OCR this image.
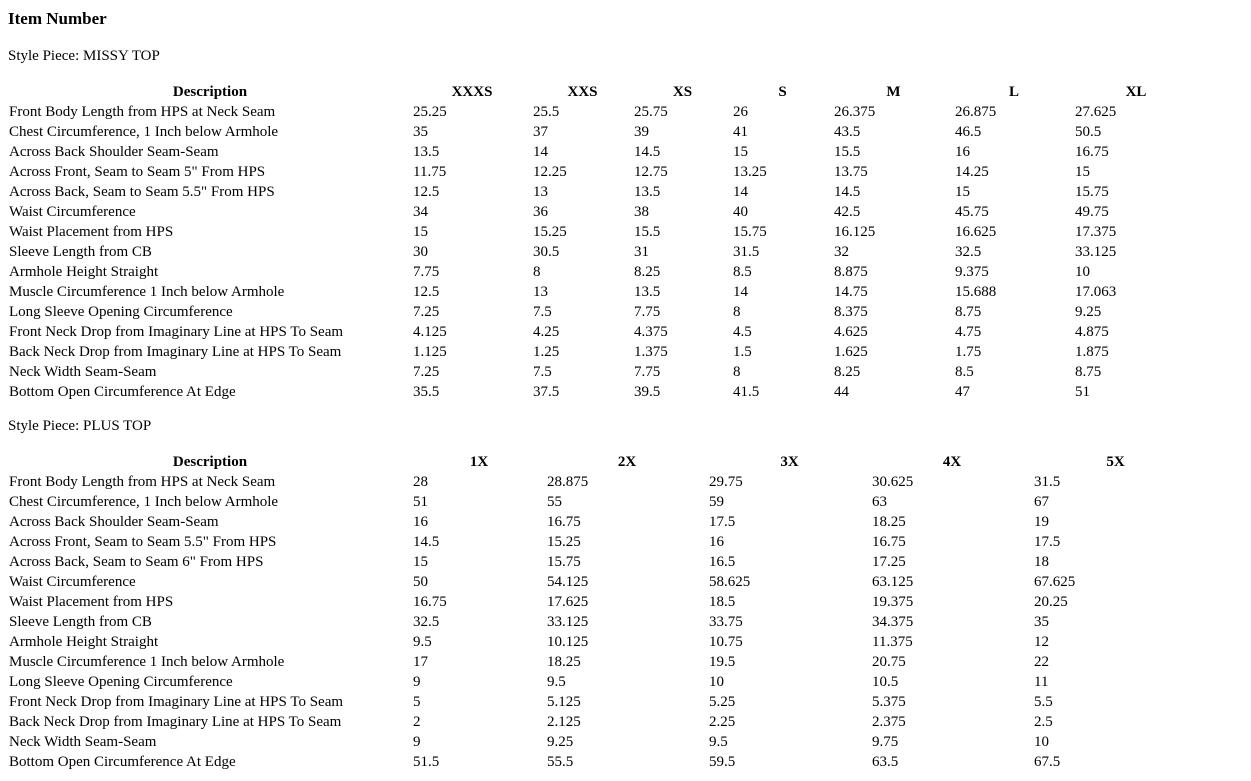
Item Number
Style Piece: MISSY TOP
Description	XXXS	XXS	XS	S	M	L	XL
Front Body Length from HPS at Neck Seam	25.25	25.5	25.75	26	26.375	26.875	27.625
Chest Circumference, 1 Inch below Armhole	35	37	39	41	43.5	46.5	50.5
Across Back Shoulder Seam-Seam	13.5	14	14.5	15	15.5	16	16.75
Across Front, Seam to Seam 5" From HPS	11.75	12.25	12.75	13.25	13.75	14.25	15
Across Back, Seam to Seam 5.5" From HPS	12.5	13	13.5	14	14.5	15	15.75
Waist Circumference	34	36	38	40	42.5	45.75	49.75
Waist Placement from HPS	15	15.25	15.5	15.75	16.125	16.625	17.375
Sleeve Length from CB	30	30.5	31	31.5	32	32.5	33.125
Armhole Height Straight	7.75	8	8.25	8.5	8.875	9.375	10
Muscle Circumference 1 Inch below Armhole	12.5	13	13.5	14	14.75	15.688	17.063
Long Sleeve Opening Circumference	7.25	7.5	7.75	8	8.375	8.75	9.25
Front Neck Drop from Imaginary Line at HPS To Seam	4.125	4.25	4.375	4.5	4.625	4.75	4.875
Back Neck Drop from Imaginary Line at HPS To Seam	1.125	1.25	1.375	1.5	1.625	1.75	1.875
Neck Width Seam-Seam	7.25	7.5	7.75	8	8.25	8.5	8.75
Bottom Open Circumference At Edge	35.5	37.5	39.5	41.5	44	47	51
Style Piece: PLUS TOP
Description	1X	2X	3X	4X	5X
Front Body Length from HPS at Neck Seam	28	28.875	29.75	30.625	31.5
Chest Circumference, 1 Inch below Armhole	51	55	59	63	67
Across Back Shoulder Seam-Seam	16	16.75	17.5	18.25	19
Across Front, Seam to Seam 5.5" From HPS	14.5	15.25	16	16.75	17.5
Across Back, Seam to Seam 6" From HPS	15	15.75	16.5	17.25	18
Waist Circumference	50	54.125	58.625	63.125	67.625
Waist Placement from HPS	16.75	17.625	18.5	19.375	20.25
Sleeve Length from CB	32.5	33.125	33.75	34.375	35
Armhole Height Straight	9.5	10.125	10.75	11.375	12
Muscle Circumference 1 Inch below Armhole	17	18.25	19.5	20.75	22
Long Sleeve Opening Circumference	9	9.5	10	10.5	11
Front Neck Drop from Imaginary Line at HPS To Seam	5	5.125	5.25	5.375	5.5
Back Neck Drop from Imaginary Line at HPS To Seam	2	2.125	2.25	2.375	2.5
Neck Width Seam-Seam	9	9.25	9.5	9.75	10
Bottom Open Circumference At Edge	51.5	55.5	59.5	63.5	67.5
